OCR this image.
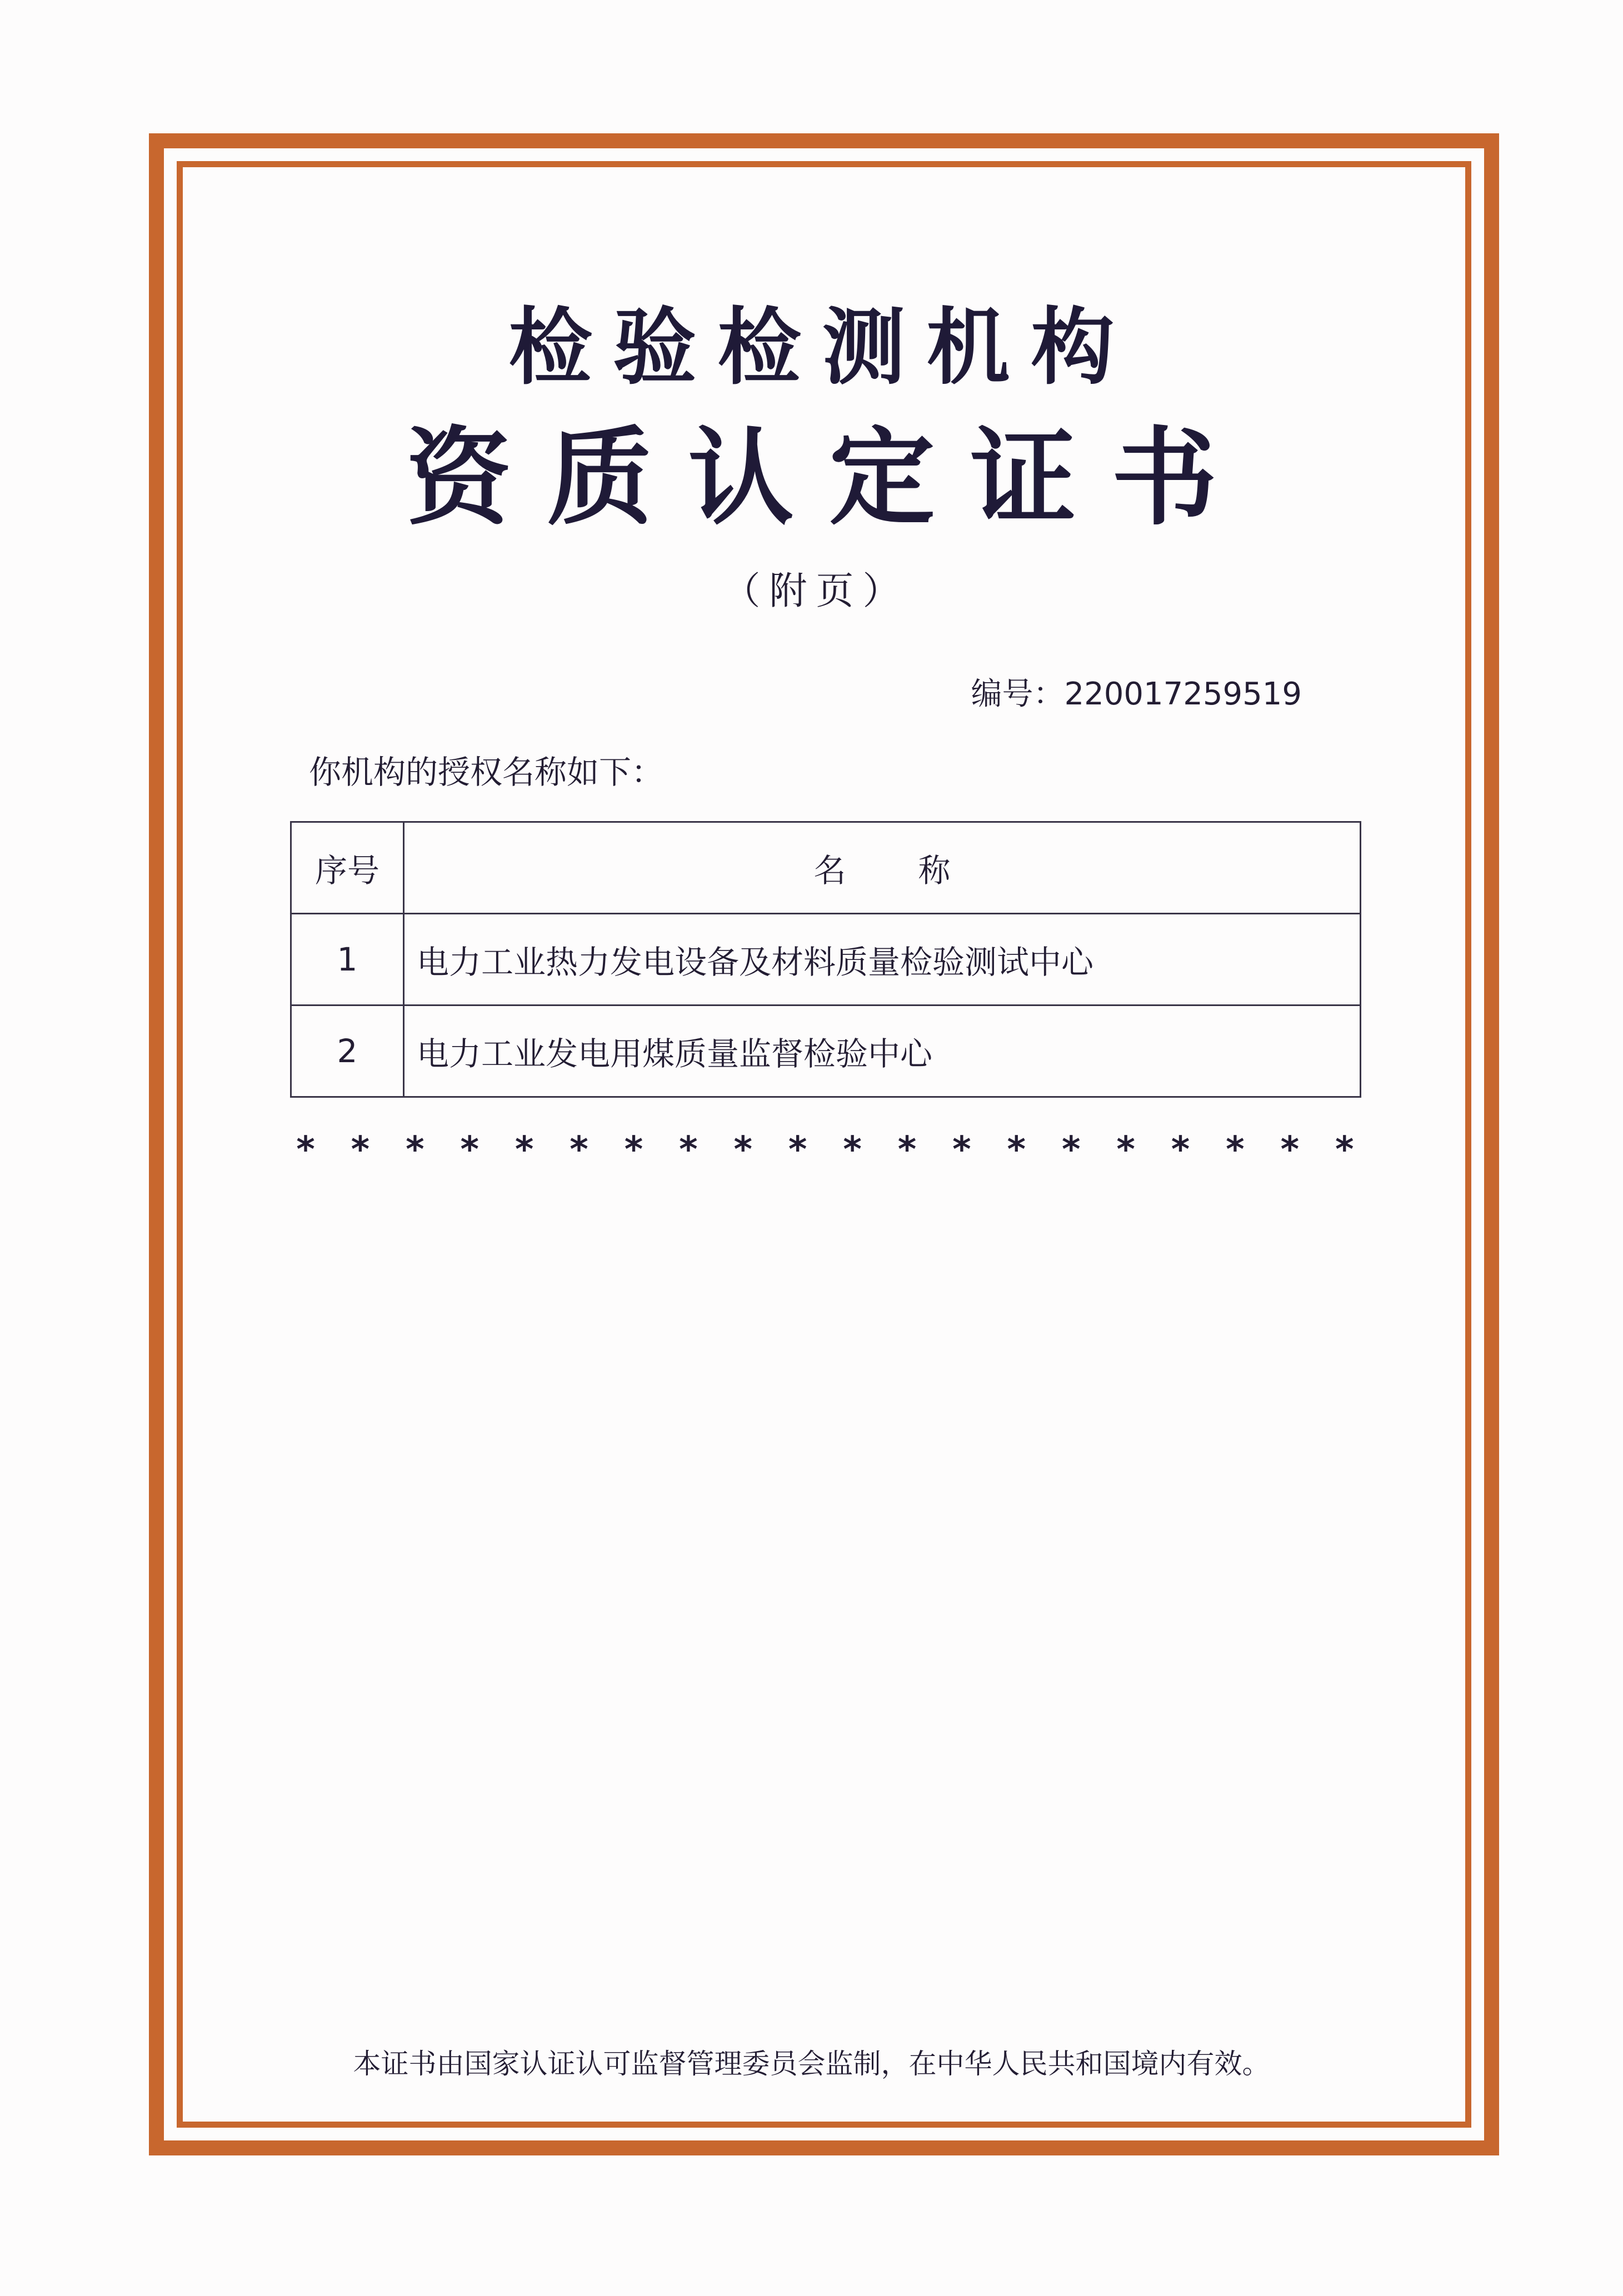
检验检测机构
资质认定证书
（附页）
编号：220017259519
你机构的授权名称如下：
序号	名称
1	电力工业热力发电设备及材料质量检验测试中心
2	电力工业发电用煤质量监督检验中心
* * * * * * * * * * * * * * * * * * * *
本证书由国家认证认可监督管理委员会监制，在中华人民共和国境内有效。
